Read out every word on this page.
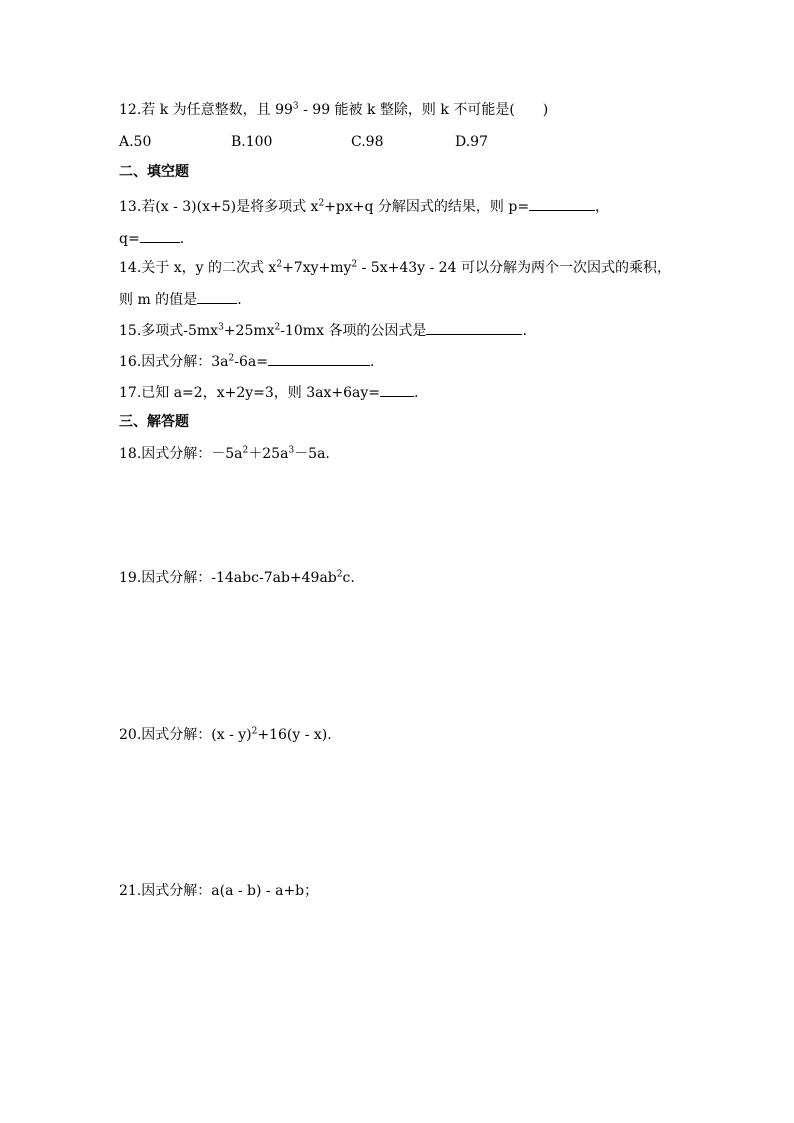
12.若 k 为任意整数，且 $99^3 - 99$ 能被 k 整除，则 k 不可能是( )
A.50	B.100	C.98	D.97
二、填空题
13.若(x - 3)(x+5)是将多项式 $x^2+px+q$ 分解因式的结果，则 p=	，
q=	.
14.关于 x，y 的二次式 $x^2+7xy+my^2 - 5x+43y - 24$ 可以分解为两个一次因式的乘积，
则 m 的值是	.
15.多项式$-5mx^3+25mx^2-10mx$ 各项的公因式是	.
16.因式分解：$3a^2-6a=$	.
17.已知 a=2，x+2y=3，则 3ax+6ay= .
三、解答题
18.因式分解：$-5a^2+25a^3-5a$.
19.因式分解：$-14abc-7ab+49ab^2c$.
20.因式分解：(x - y)$^2$+16(y - x).
21.因式分解：a(a - b) - a+b；
